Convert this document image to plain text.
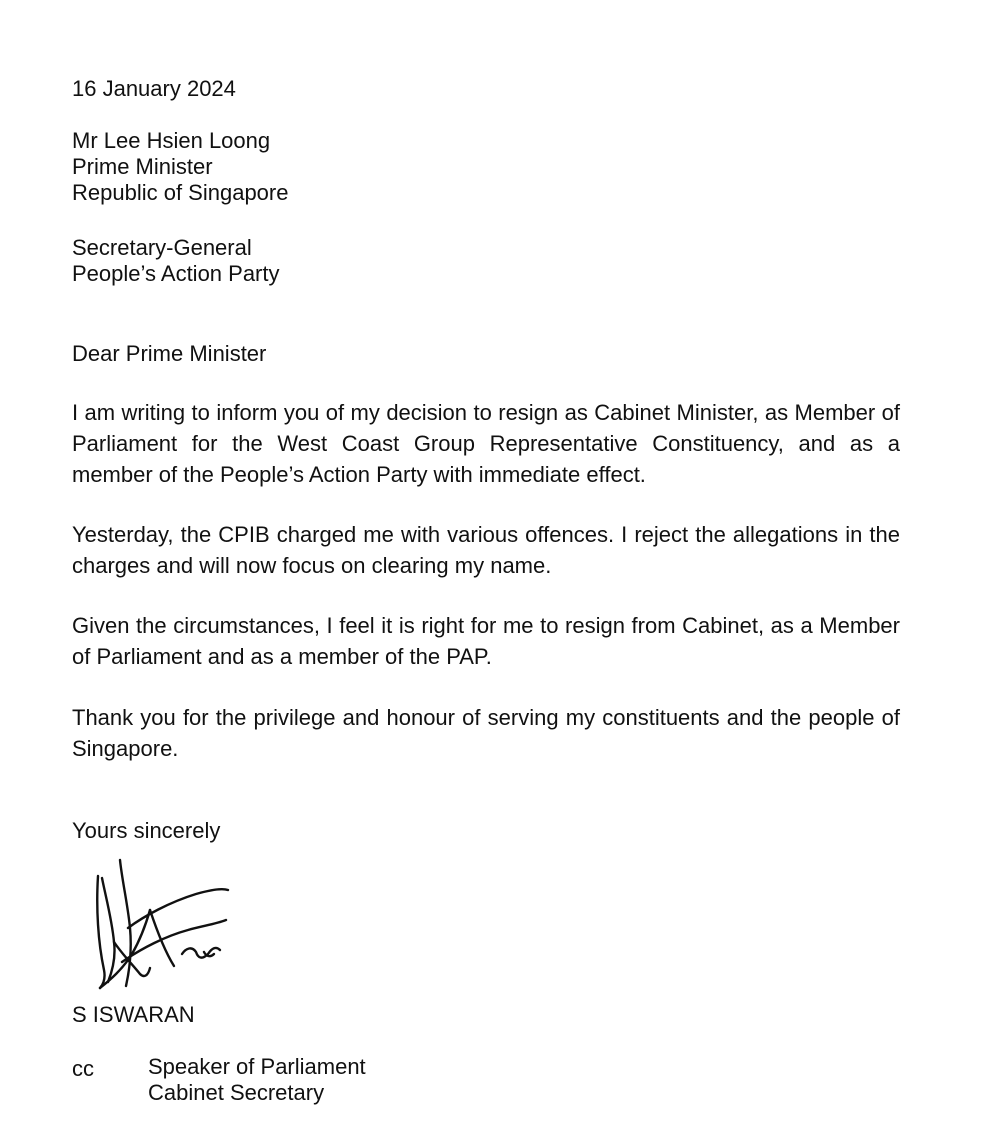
16 January 2024
Mr Lee Hsien Loong
Prime Minister
Republic of Singapore
Secretary-General
People’s Action Party
Dear Prime Minister
I am writing to inform you of my decision to resign as Cabinet Minister, as Member of Parliament for the West Coast Group Representative Constituency, and as a member of the People’s Action Party with immediate effect.
Yesterday, the CPIB charged me with various offences. I reject the allegations in the charges and will now focus on clearing my name.
Given the circumstances, I feel it is right for me to resign from Cabinet, as a Member of Parliament and as a member of the PAP.
Thank you for the privilege and honour of serving my constituents and the people of Singapore.
Yours sincerely
S ISWARAN
cc Speaker of Parliament
Cabinet Secretary
